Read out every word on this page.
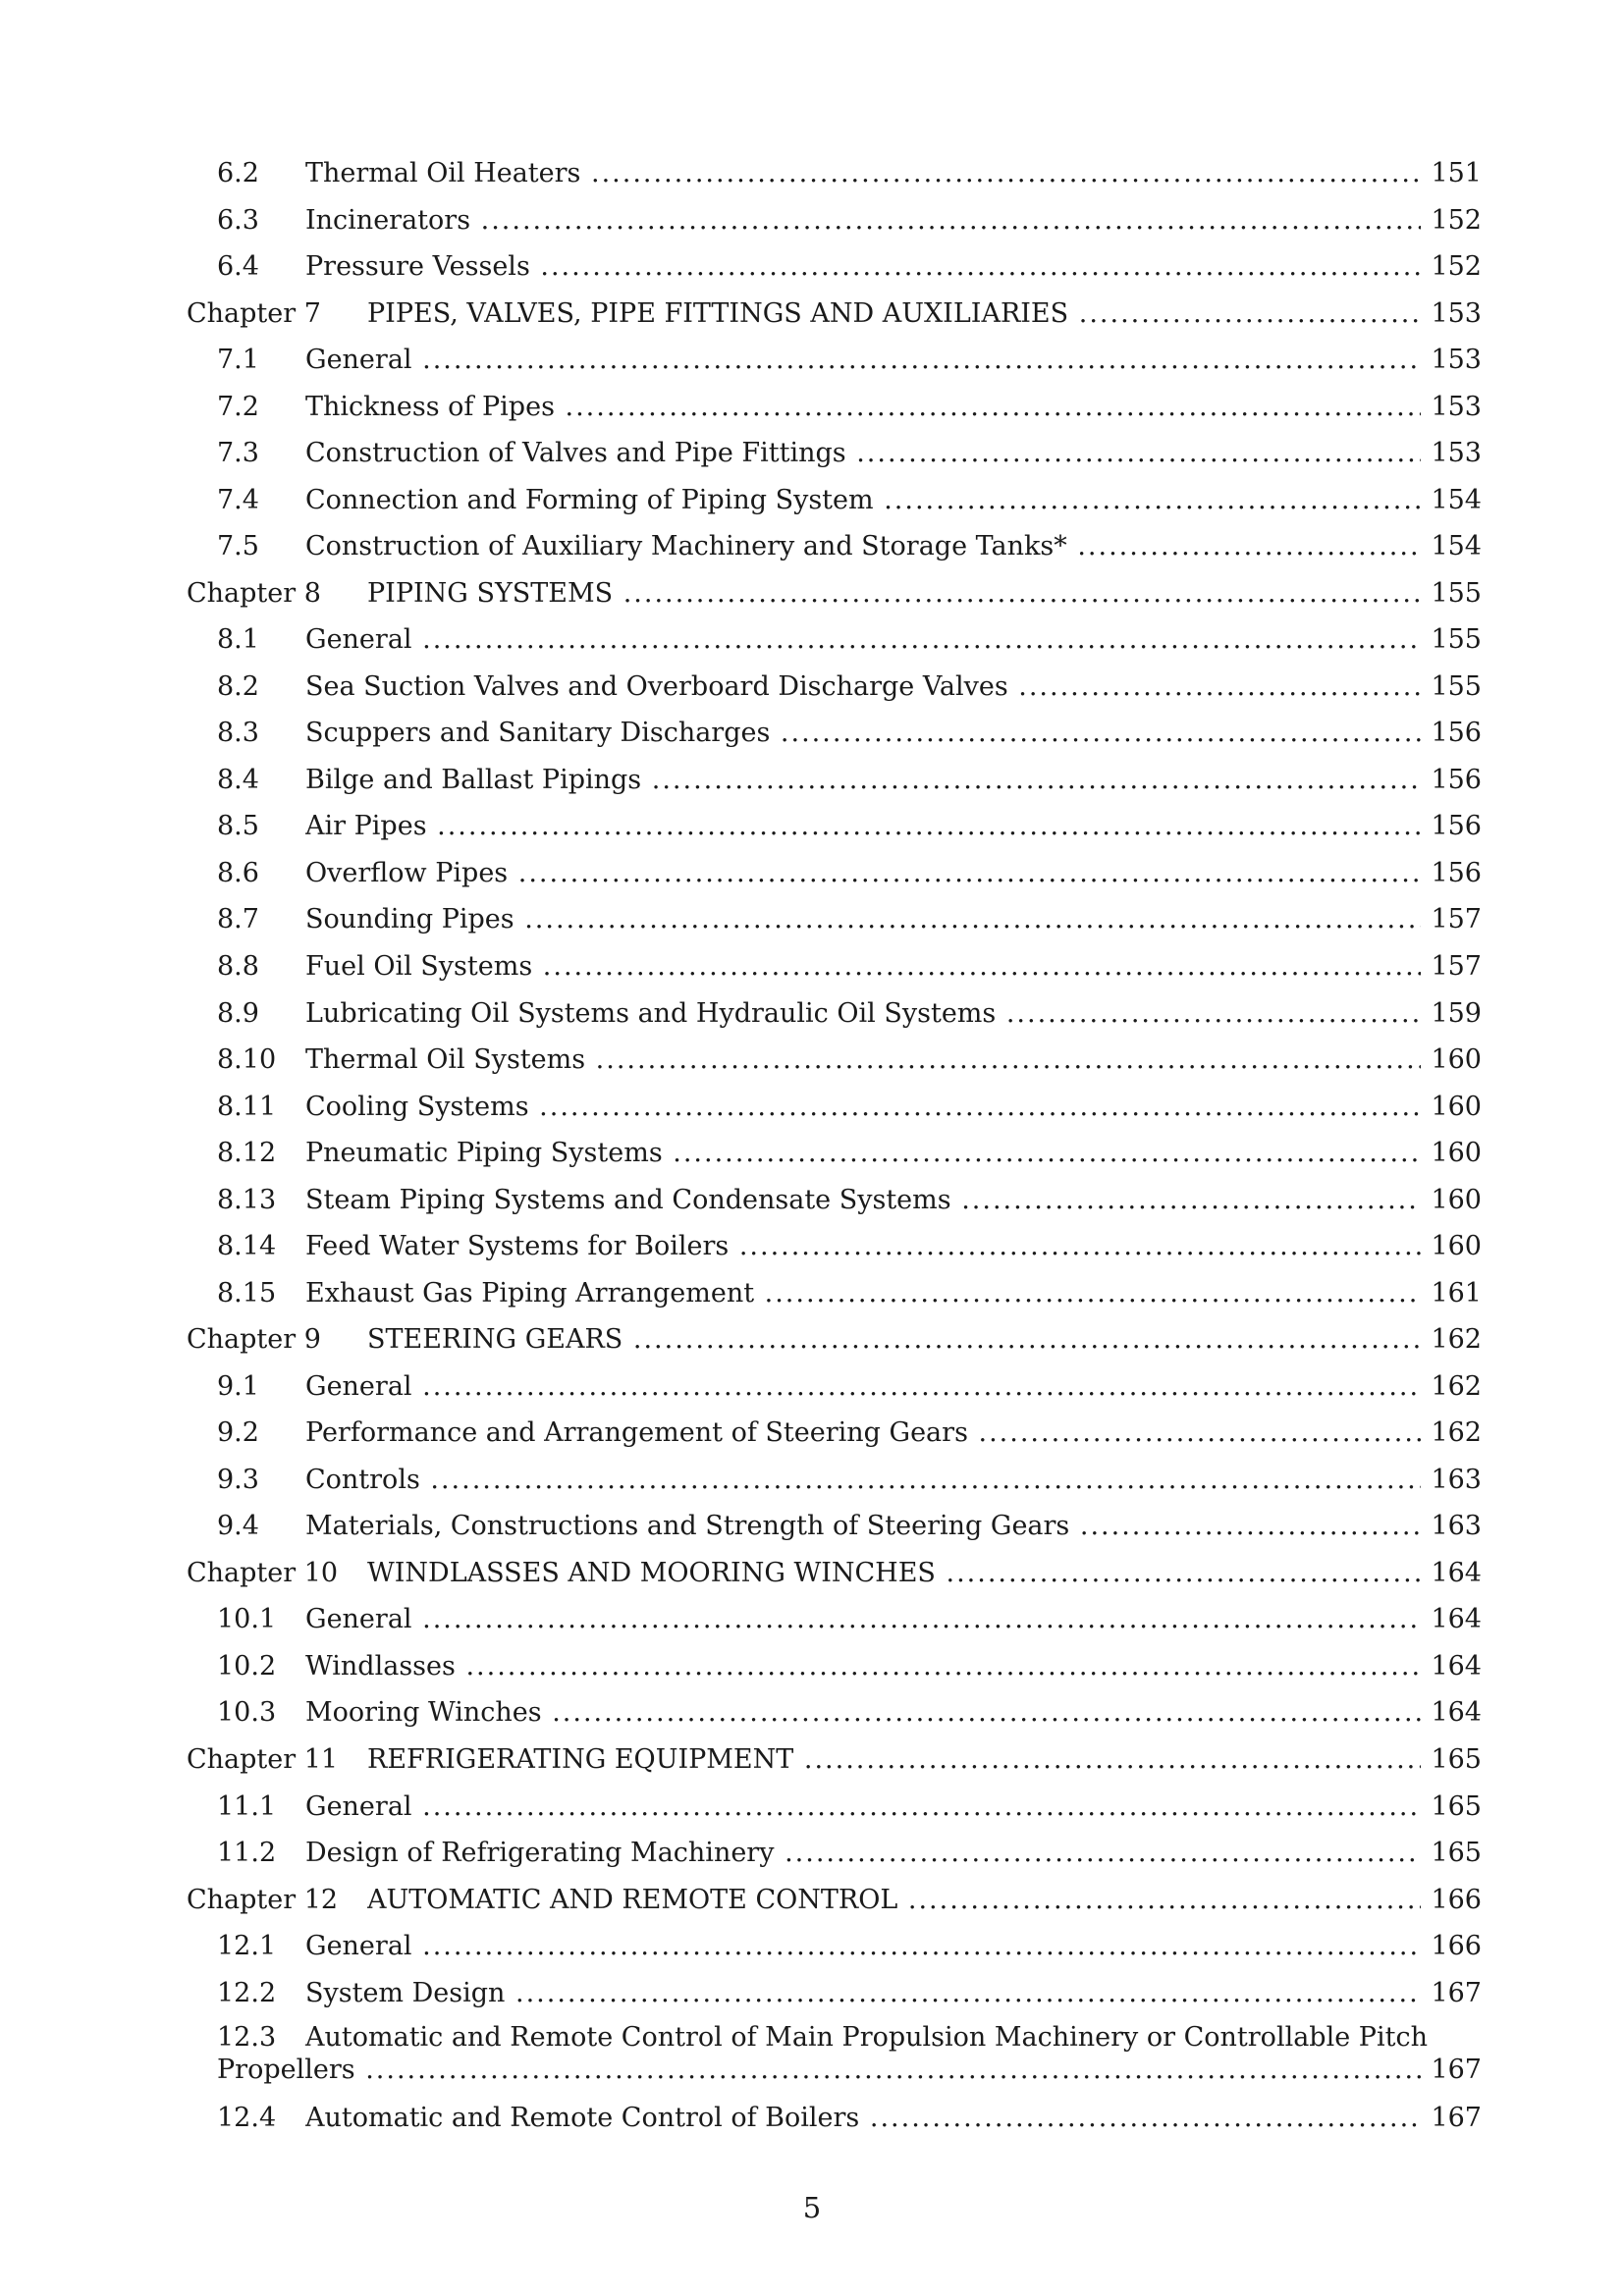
6.2 Thermal Oil Heaters .....	151
6.3 Incinerators .....	152
6.4 Pressure Vessels .....	152
Chapter 7 PIPES, VALVES, PIPE FITTINGS AND AUXILIARIES .....	153
7.1 General .....	153
7.2 Thickness of Pipes .....	153
7.3 Construction of Valves and Pipe Fittings .....	153
7.4 Connection and Forming of Piping System .....	154
7.5 Construction of Auxiliary Machinery and Storage Tanks* .....	154
Chapter 8 PIPING SYSTEMS .....	155
8.1 General .....	155
8.2 Sea Suction Valves and Overboard Discharge Valves .....	155
8.3 Scuppers and Sanitary Discharges .....	156
8.4 Bilge and Ballast Pipings .....	156
8.5 Air Pipes .....	156
8.6 Overflow Pipes .....	156
8.7 Sounding Pipes .....	157
8.8 Fuel Oil Systems .....	157
8.9 Lubricating Oil Systems and Hydraulic Oil Systems .....	159
8.10 Thermal Oil Systems .....	160
8.11 Cooling Systems .....	160
8.12 Pneumatic Piping Systems .....	160
8.13 Steam Piping Systems and Condensate Systems .....	160
8.14 Feed Water Systems for Boilers .....	160
8.15 Exhaust Gas Piping Arrangement .....	161
Chapter 9 STEERING GEARS .....	162
9.1 General .....	162
9.2 Performance and Arrangement of Steering Gears .....	162
9.3 Controls .....	163
9.4 Materials, Constructions and Strength of Steering Gears .....	163
Chapter 10 WINDLASSES AND MOORING WINCHES .....	164
10.1 General .....	164
10.2 Windlasses .....	164
10.3 Mooring Winches .....	164
Chapter 11 REFRIGERATING EQUIPMENT .....	165
11.1 General .....	165
11.2 Design of Refrigerating Machinery .....	165
Chapter 12 AUTOMATIC AND REMOTE CONTROL .....	166
12.1 General .....	166
12.2 System Design .....	167
12.3 Automatic and Remote Control of Main Propulsion Machinery or Controllable Pitch
Propellers .....	167
12.4 Automatic and Remote Control of Boilers .....	167
5
